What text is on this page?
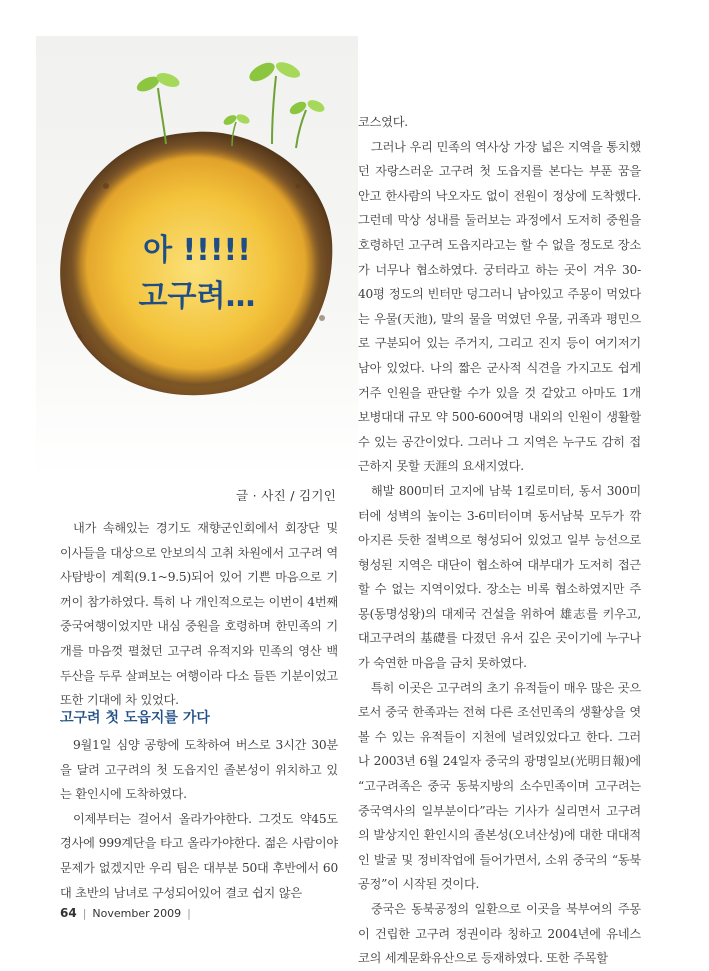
아 !!!!!
고구려…
글 · 사진 / 김기인

내가 속해있는 경기도 재향군인회에서 회장단 및 이사들을 대상으로 안보의식 고취 차원에서 고구려 역사탐방이 계획(9.1~9.5)되어 있어 기쁜 마음으로 기꺼이 참가하였다. 특히 나 개인적으로는 이번이 4번째 중국여행이었지만 내심 중원을 호령하며 한민족의 기개를 마음껏 펼쳤던 고구려 유적지와 민족의 영산 백두산을 두루 살펴보는 여행이라 다소 들뜬 기분이었고 또한 기대에 차 있었다.

고구려 첫 도읍지를 가다

9월1일 심양 공항에 도착하여 버스로 3시간 30분을 달려 고구려의 첫 도읍지인 졸본성이 위치하고 있는 환인시에 도착하였다.

이제부터는 걸어서 올라가야한다. 그것도 약45도 경사에 999계단을 타고 올라가야한다. 젊은 사람이야 문제가 없겠지만 우리 팀은 대부분 50대 후반에서 60대 초반의 남녀로 구성되어있어 결코 쉽지 않은

코스였다.

그러나 우리 민족의 역사상 가장 넓은 지역을 통치했던 자랑스러운 고구려 첫 도읍지를 본다는 부푼 꿈을 안고 한사람의 낙오자도 없이 전원이 정상에 도착했다. 그런데 막상 성내를 둘러보는 과정에서 도저히 중원을 호령하던 고구려 도읍지라고는 할 수 없을 정도로 장소가 너무나 협소하였다. 궁터라고 하는 곳이 겨우 30-40평 정도의 빈터만 덩그러니 남아있고 주몽이 먹었다는 우물(天池), 말의 물을 먹였던 우물, 귀족과 평민으로 구분되어 있는 주거지, 그리고 진지 등이 여기저기 남아 있었다. 나의 짧은 군사적 식견을 가지고도 쉽게 거주 인원을 판단할 수가 있을 것 같았고 아마도 1개 보병대대 규모 약 500-600여명 내외의 인원이 생활할 수 있는 공간이었다. 그러나 그 지역은 누구도 감히 접근하지 못할 天涯의 요새지였다.

해발 800미터 고지에 남북 1킬로미터, 동서 300미터에 성벽의 높이는 3-6미터이며 동서남북 모두가 깎아지른 듯한 절벽으로 형성되어 있었고 일부 능선으로 형성된 지역은 대단이 협소하여 대부대가 도저히 접근할 수 없는 지역이었다. 장소는 비록 협소하였지만 주몽(동명성왕)의 대제국 건설을 위하여 雄志를 키우고, 대고구려의 基礎를 다졌던 유서 깊은 곳이기에 누구나가 숙연한 마음을 금치 못하였다.

특히 이곳은 고구려의 초기 유적들이 매우 많은 곳으로서 중국 한족과는 전혀 다른 조선민족의 생활상을 엿볼 수 있는 유적들이 지천에 널려있었다고 한다. 그러나 2003년 6월 24일자 중국의 광명일보(光明日報)에 “고구려족은 중국 동북지방의 소수민족이며 고구려는 중국역사의 일부분이다”라는 기사가 실리면서 고구려의 발상지인 환인시의 졸본성(오녀산성)에 대한 대대적인 발굴 및 정비작업에 들어가면서, 소위 중국의 “동북공정”이 시작된 것이다.

중국은 동북공정의 일환으로 이곳을 북부여의 주몽이 건립한 고구려 정권이라 칭하고 2004년에 유네스코의 세계문화유산으로 등재하였다. 또한 주목할

64 | November 2009 |
